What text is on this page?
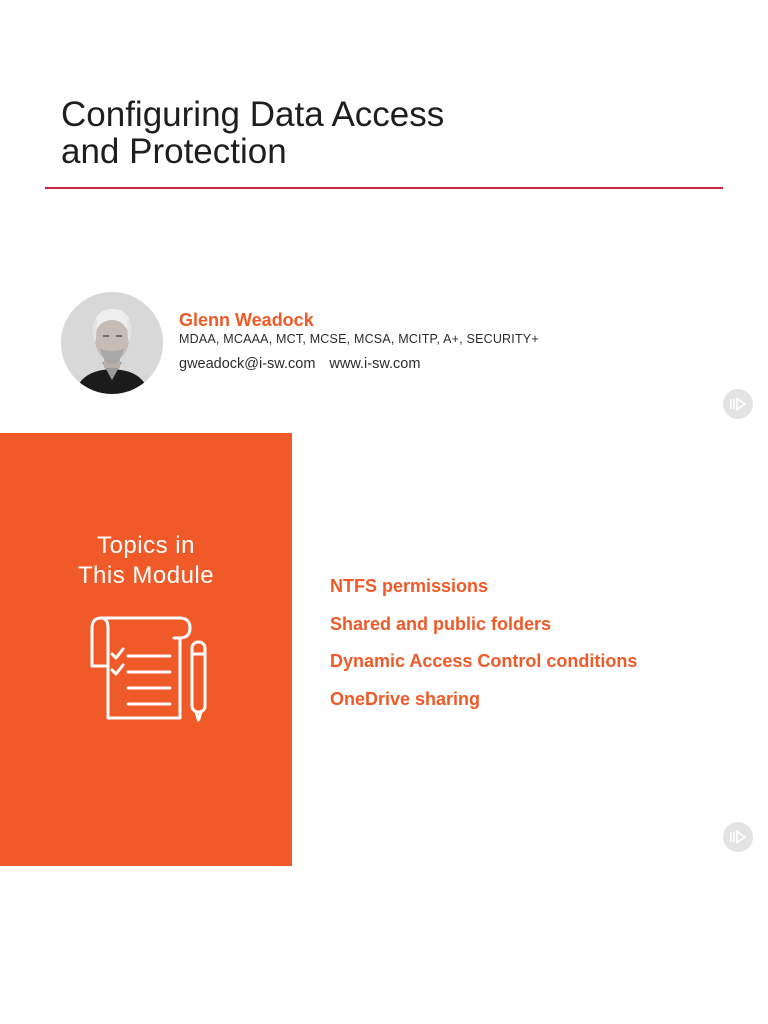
Configuring Data Access
and Protection
Glenn Weadock
MDAA, MCAAA, MCT, MCSE, MCSA, MCITP, A+, SECURITY+
gweadock@i-sw.com www.i-sw.com
Topics in
This Module	NTFS permissions
Shared and public folders
Dynamic Access Control conditions
OneDrive sharing
